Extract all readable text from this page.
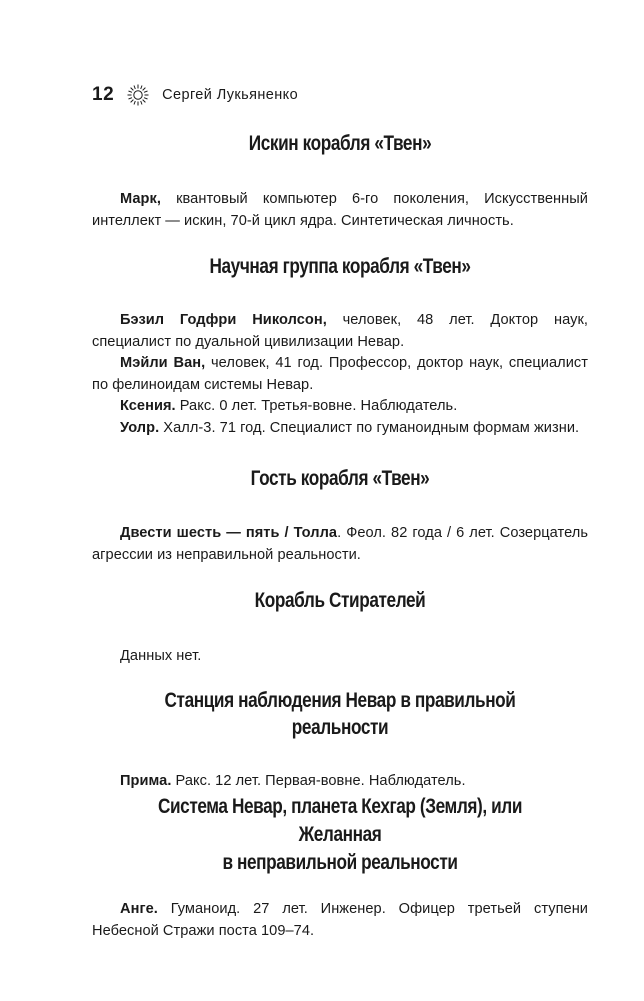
12	Сергей Лукьяненко
Искин корабля «Твен»

Марк, квантовый компьютер 6-го поколения, Искусственный интеллект — искин, 70-й цикл ядра. Синтетическая личность.

Научная группа корабля «Твен»

Бэзил Годфри Николсон, человек, 48 лет. Доктор наук, специалист по дуальной цивилизации Невар.

Мэйли Ван, человек, 41 год. Профессор, доктор наук, специалист по фелиноидам системы Невар.

Ксения. Ракс. 0 лет. Третья-вовне. Наблюдатель.

Уолр. Халл-3. 71 год. Специалист по гуманоидным формам жизни.

Гость корабля «Твен»

Двести шесть — пять / Толла. Феол. 82 года / 6 лет. Созерцатель агрессии из неправильной реальности.

Корабль Стирателей

Данных нет.

Станция наблюдения Невар в правильной реальности

Прима. Ракс. 12 лет. Первая-вовне. Наблюдатель.

Система Невар, планета Кехгар (Земля), или Желанная
в неправильной реальности

Анге. Гуманоид. 27 лет. Инженер. Офицер третьей ступени Небесной Стражи поста 109–74.
